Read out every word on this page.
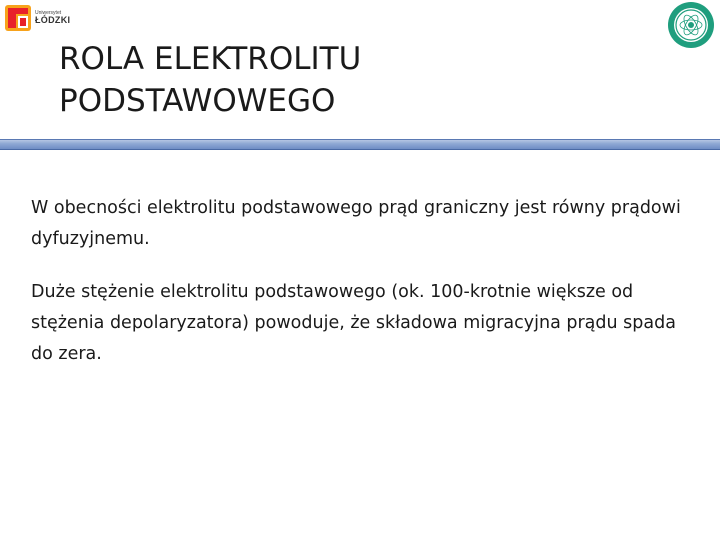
Uniwersytet
ŁÓDZKI
ROLA ELEKTROLITU
PODSTAWOWEGO

W obecności elektrolitu podstawowego prąd graniczny jest równy prądowi dyfuzyjnemu.

Duże stężenie elektrolitu podstawowego (ok. 100-krotnie większe od stężenia depolaryzatora) powoduje, że składowa migracyjna prądu spada do zera.
